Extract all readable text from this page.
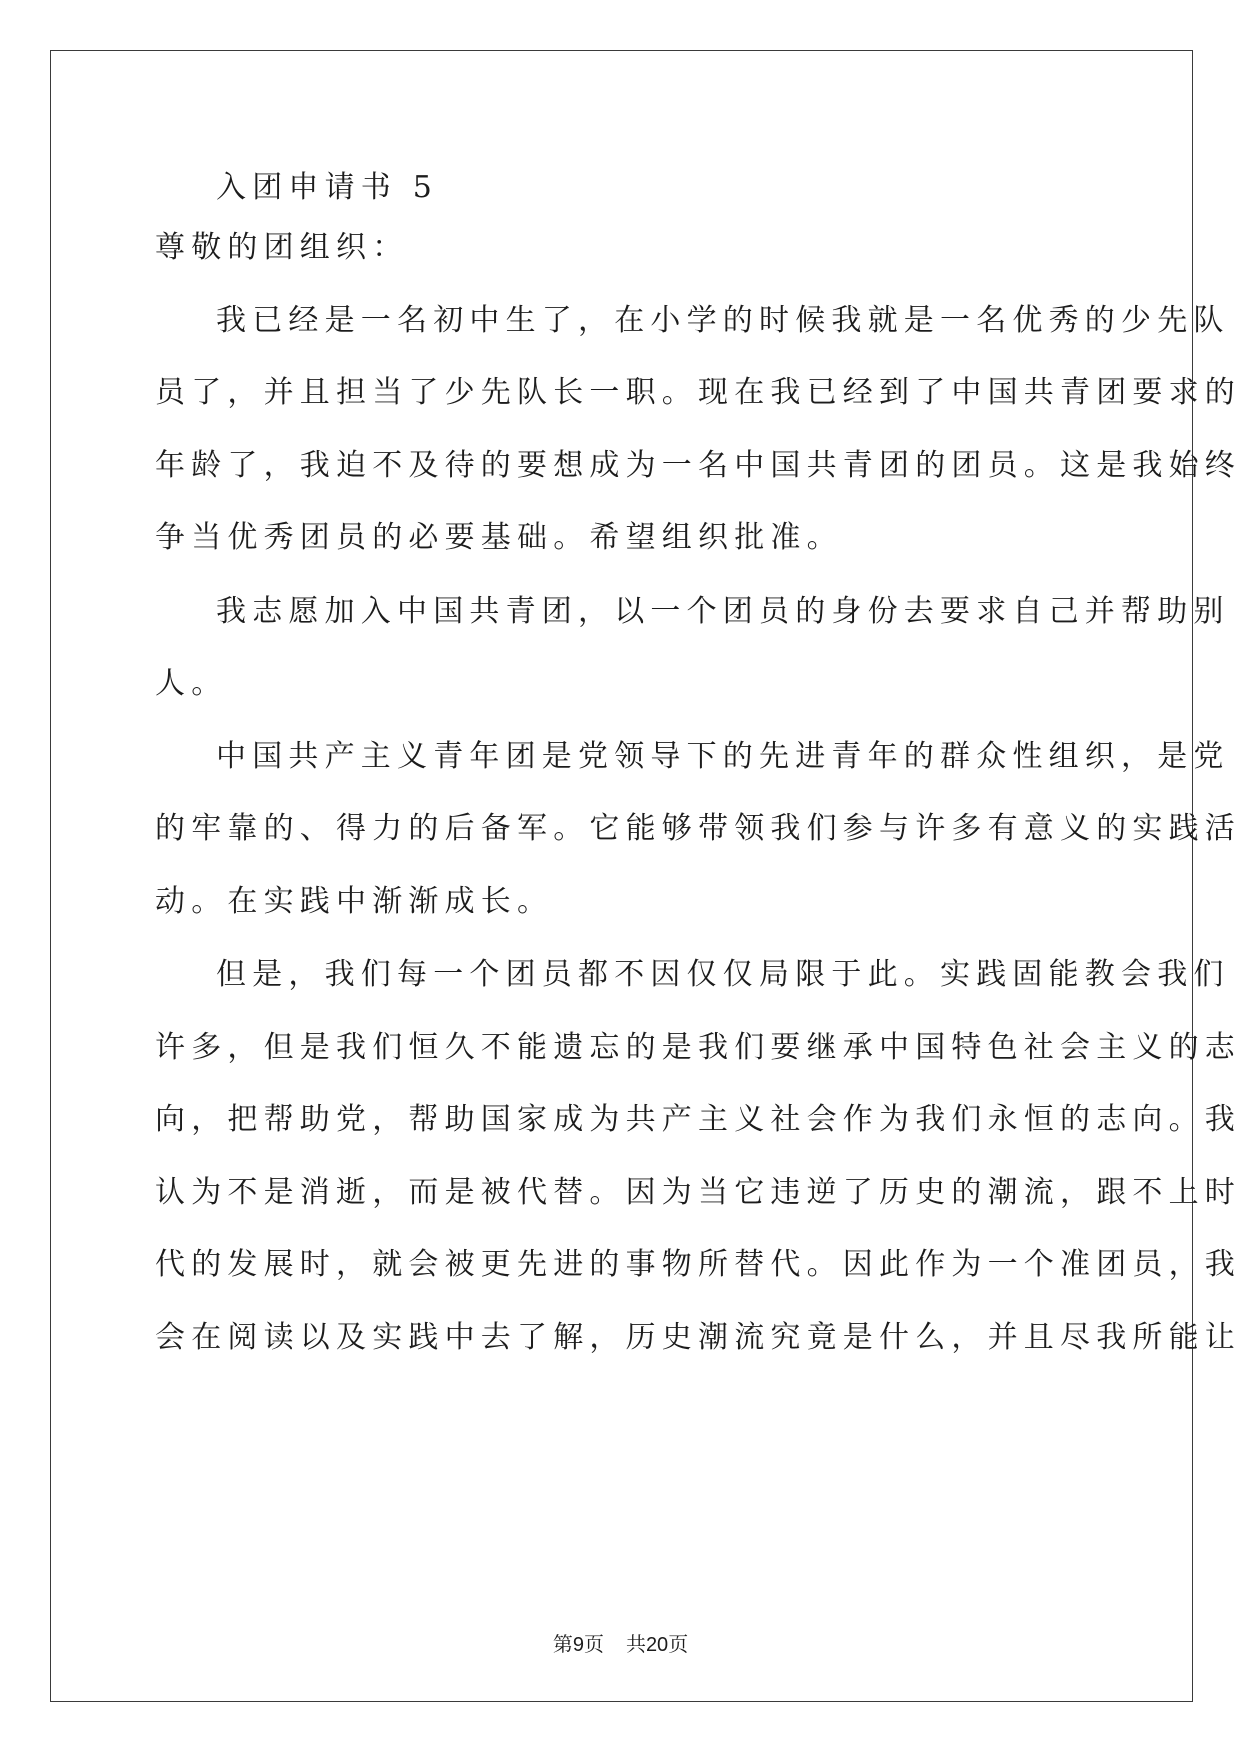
入团申请书 5
尊敬的团组织：
我已经是一名初中生了，在小学的时候我就是一名优秀的少先队
员了，并且担当了少先队长一职。现在我已经到了中国共青团要求的
年龄了，我迫不及待的要想成为一名中国共青团的团员。这是我始终
争当优秀团员的必要基础。希望组织批准。
我志愿加入中国共青团，以一个团员的身份去要求自己并帮助别
人。
中国共产主义青年团是党领导下的先进青年的群众性组织，是党
的牢靠的、得力的后备军。它能够带领我们参与许多有意义的实践活
动。在实践中渐渐成长。
但是，我们每一个团员都不因仅仅局限于此。实践固能教会我们
许多，但是我们恒久不能遗忘的是我们要继承中国特色社会主义的志
向，把帮助党，帮助国家成为共产主义社会作为我们永恒的志向。我
认为不是消逝，而是被代替。因为当它违逆了历史的潮流，跟不上时
代的发展时，就会被更先进的事物所替代。因此作为一个准团员，我
会在阅读以及实践中去了解，历史潮流究竟是什么，并且尽我所能让
第9页 共20页
